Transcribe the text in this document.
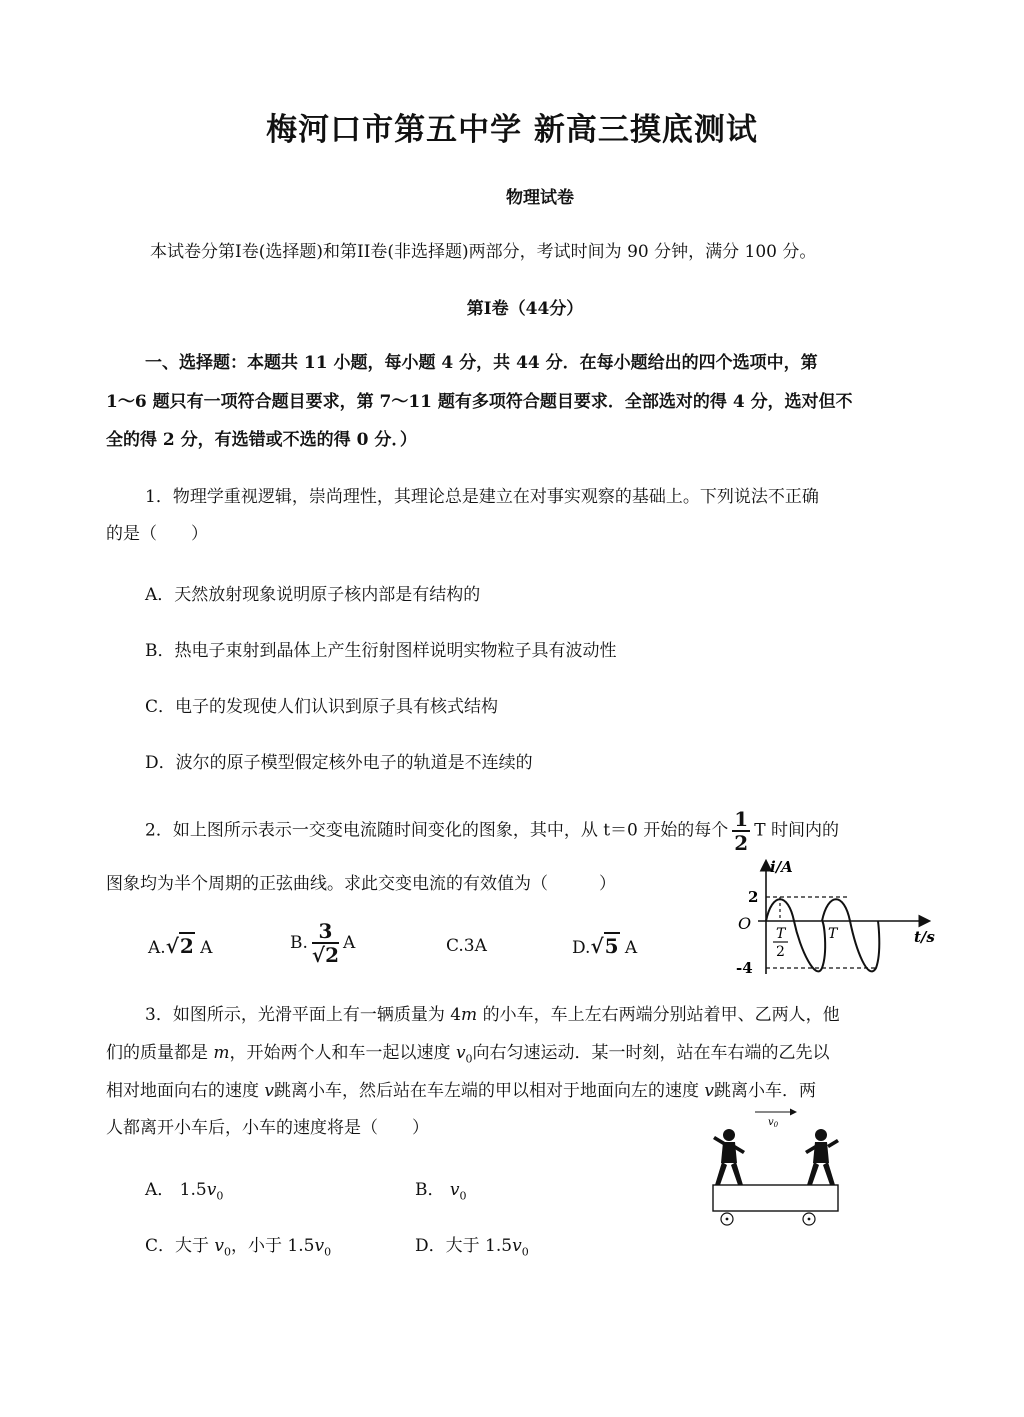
梅河口市第五中学 新高三摸底测试
物理试卷
本试卷分第Ⅰ卷(选择题)和第II卷(非选择题)两部分，考试时间为 90 分钟，满分 100 分。
第Ⅰ卷（44分）
一、选择题：本题共 11 小题，每小题 4 分，共 44 分．在每小题给出的四个选项中，第
1～6 题只有一项符合题目要求，第 7～11 题有多项符合题目要求．全部选对的得 4 分，选对但不
全的得 2 分，有选错或不选的得 0 分．）
1．物理学重视逻辑，崇尚理性，其理论总是建立在对事实观察的基础上。下列说法不正确
的是（　　）
A．天然放射现象说明原子核内部是有结构的
B．热电子束射到晶体上产生衍射图样说明实物粒子具有波动性
C．电子的发现使人们认识到原子具有核式结构
D．波尔的原子模型假定核外电子的轨道是不连续的
2．如上图所示表示一交变电流随时间变化的图象，其中，从 t＝0 开始的每个 $\frac{1}{2}$ T 时间内的
图象均为半个周期的正弦曲线。求此交变电流的有效值为（　　　）
A.√2 A	B. $\frac{3}{√2}$ A	C.3A	D.√5 A
i/A
t/s
O
2
-4
T
2
T
3．如图所示，光滑平面上有一辆质量为 4m 的小车，车上左右两端分别站着甲、乙两人，他
们的质量都是 m，开始两个人和车一起以速度 $v_0$向右匀速运动．某一时刻，站在车右端的乙先以
相对地面向右的速度 v跳离小车，然后站在车左端的甲以相对于地面向左的速度 v跳离小车．两
人都离开小车后，小车的速度将是（　　）
A． $1.5v_0$	B． $v_0$
C．大于 $v_0$，小于 $1.5v_0$	D．大于 $1.5v_0$
$v_0$
